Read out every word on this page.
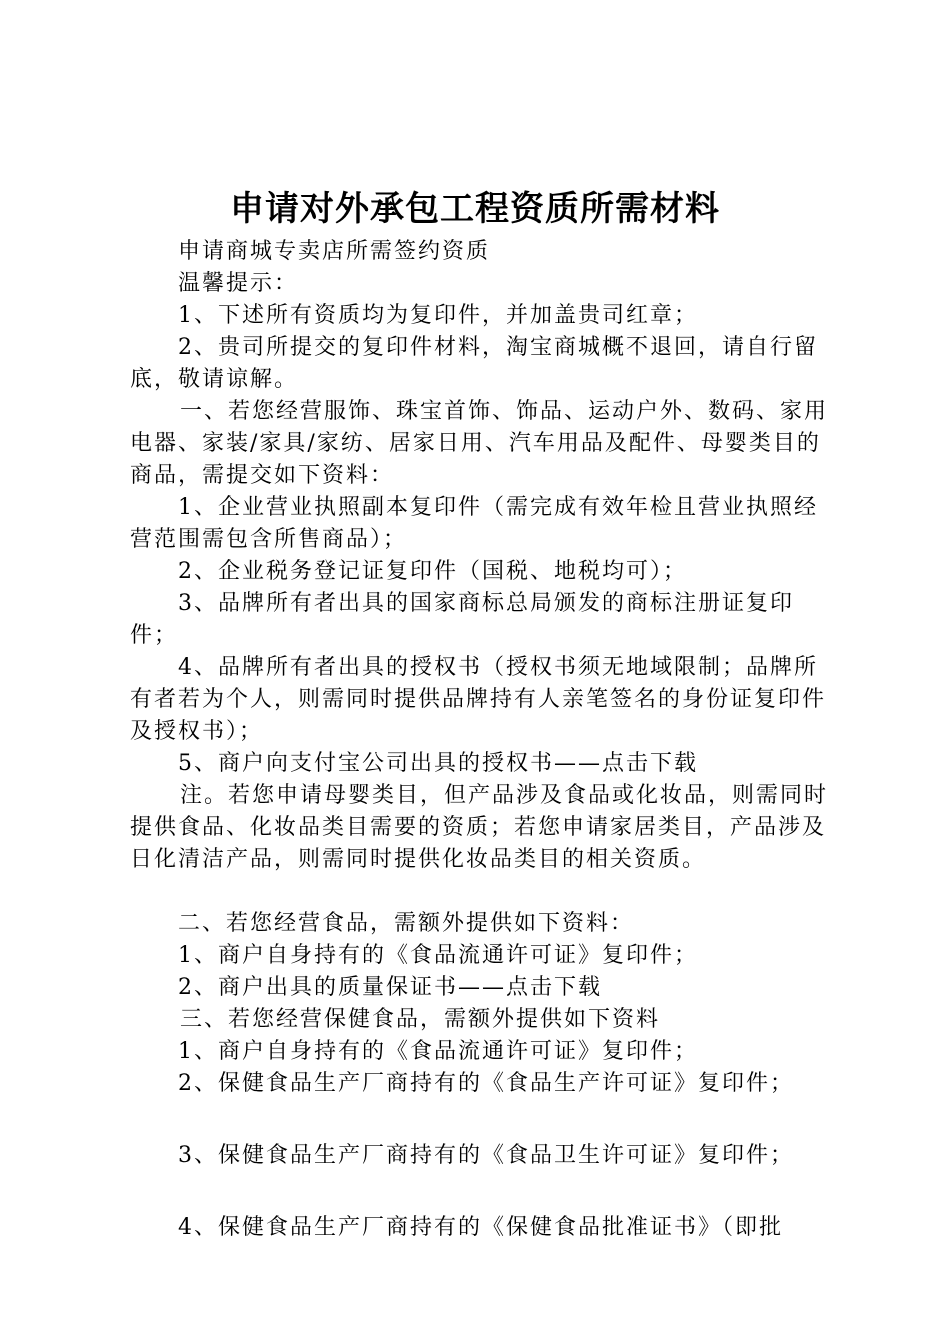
申请对外承包工程资质所需材料

申请商城专卖店所需签约资质

温馨提示：

1、下述所有资质均为复印件，并加盖贵司红章；

2、贵司所提交的复印件材料，淘宝商城概不退回，请自行留底，敬请谅解。

一、若您经营服饰、珠宝首饰、饰品、运动户外、数码、家用电器、家装/家具/家纺、居家日用、汽车用品及配件、母婴类目的商品，需提交如下资料：

1、企业营业执照副本复印件（需完成有效年检且营业执照经营范围需包含所售商品）；

2、企业税务登记证复印件（国税、地税均可）；

3、品牌所有者出具的国家商标总局颁发的商标注册证复印件；

4、品牌所有者出具的授权书（授权书须无地域限制；品牌所有者若为个人，则需同时提供品牌持有人亲笔签名的身份证复印件及授权书）；

5、商户向支付宝公司出具的授权书——点击下载

注。若您申请母婴类目，但产品涉及食品或化妆品，则需同时提供食品、化妆品类目需要的资质；若您申请家居类目，产品涉及日化清洁产品，则需同时提供化妆品类目的相关资质。

二、若您经营食品，需额外提供如下资料：

1、商户自身持有的《食品流通许可证》复印件；

2、商户出具的质量保证书——点击下载

三、若您经营保健食品，需额外提供如下资料

1、商户自身持有的《食品流通许可证》复印件；

2、保健食品生产厂商持有的《食品生产许可证》复印件；

3、保健食品生产厂商持有的《食品卫生许可证》复印件；

4、保健食品生产厂商持有的《保健食品批准证书》（即批
